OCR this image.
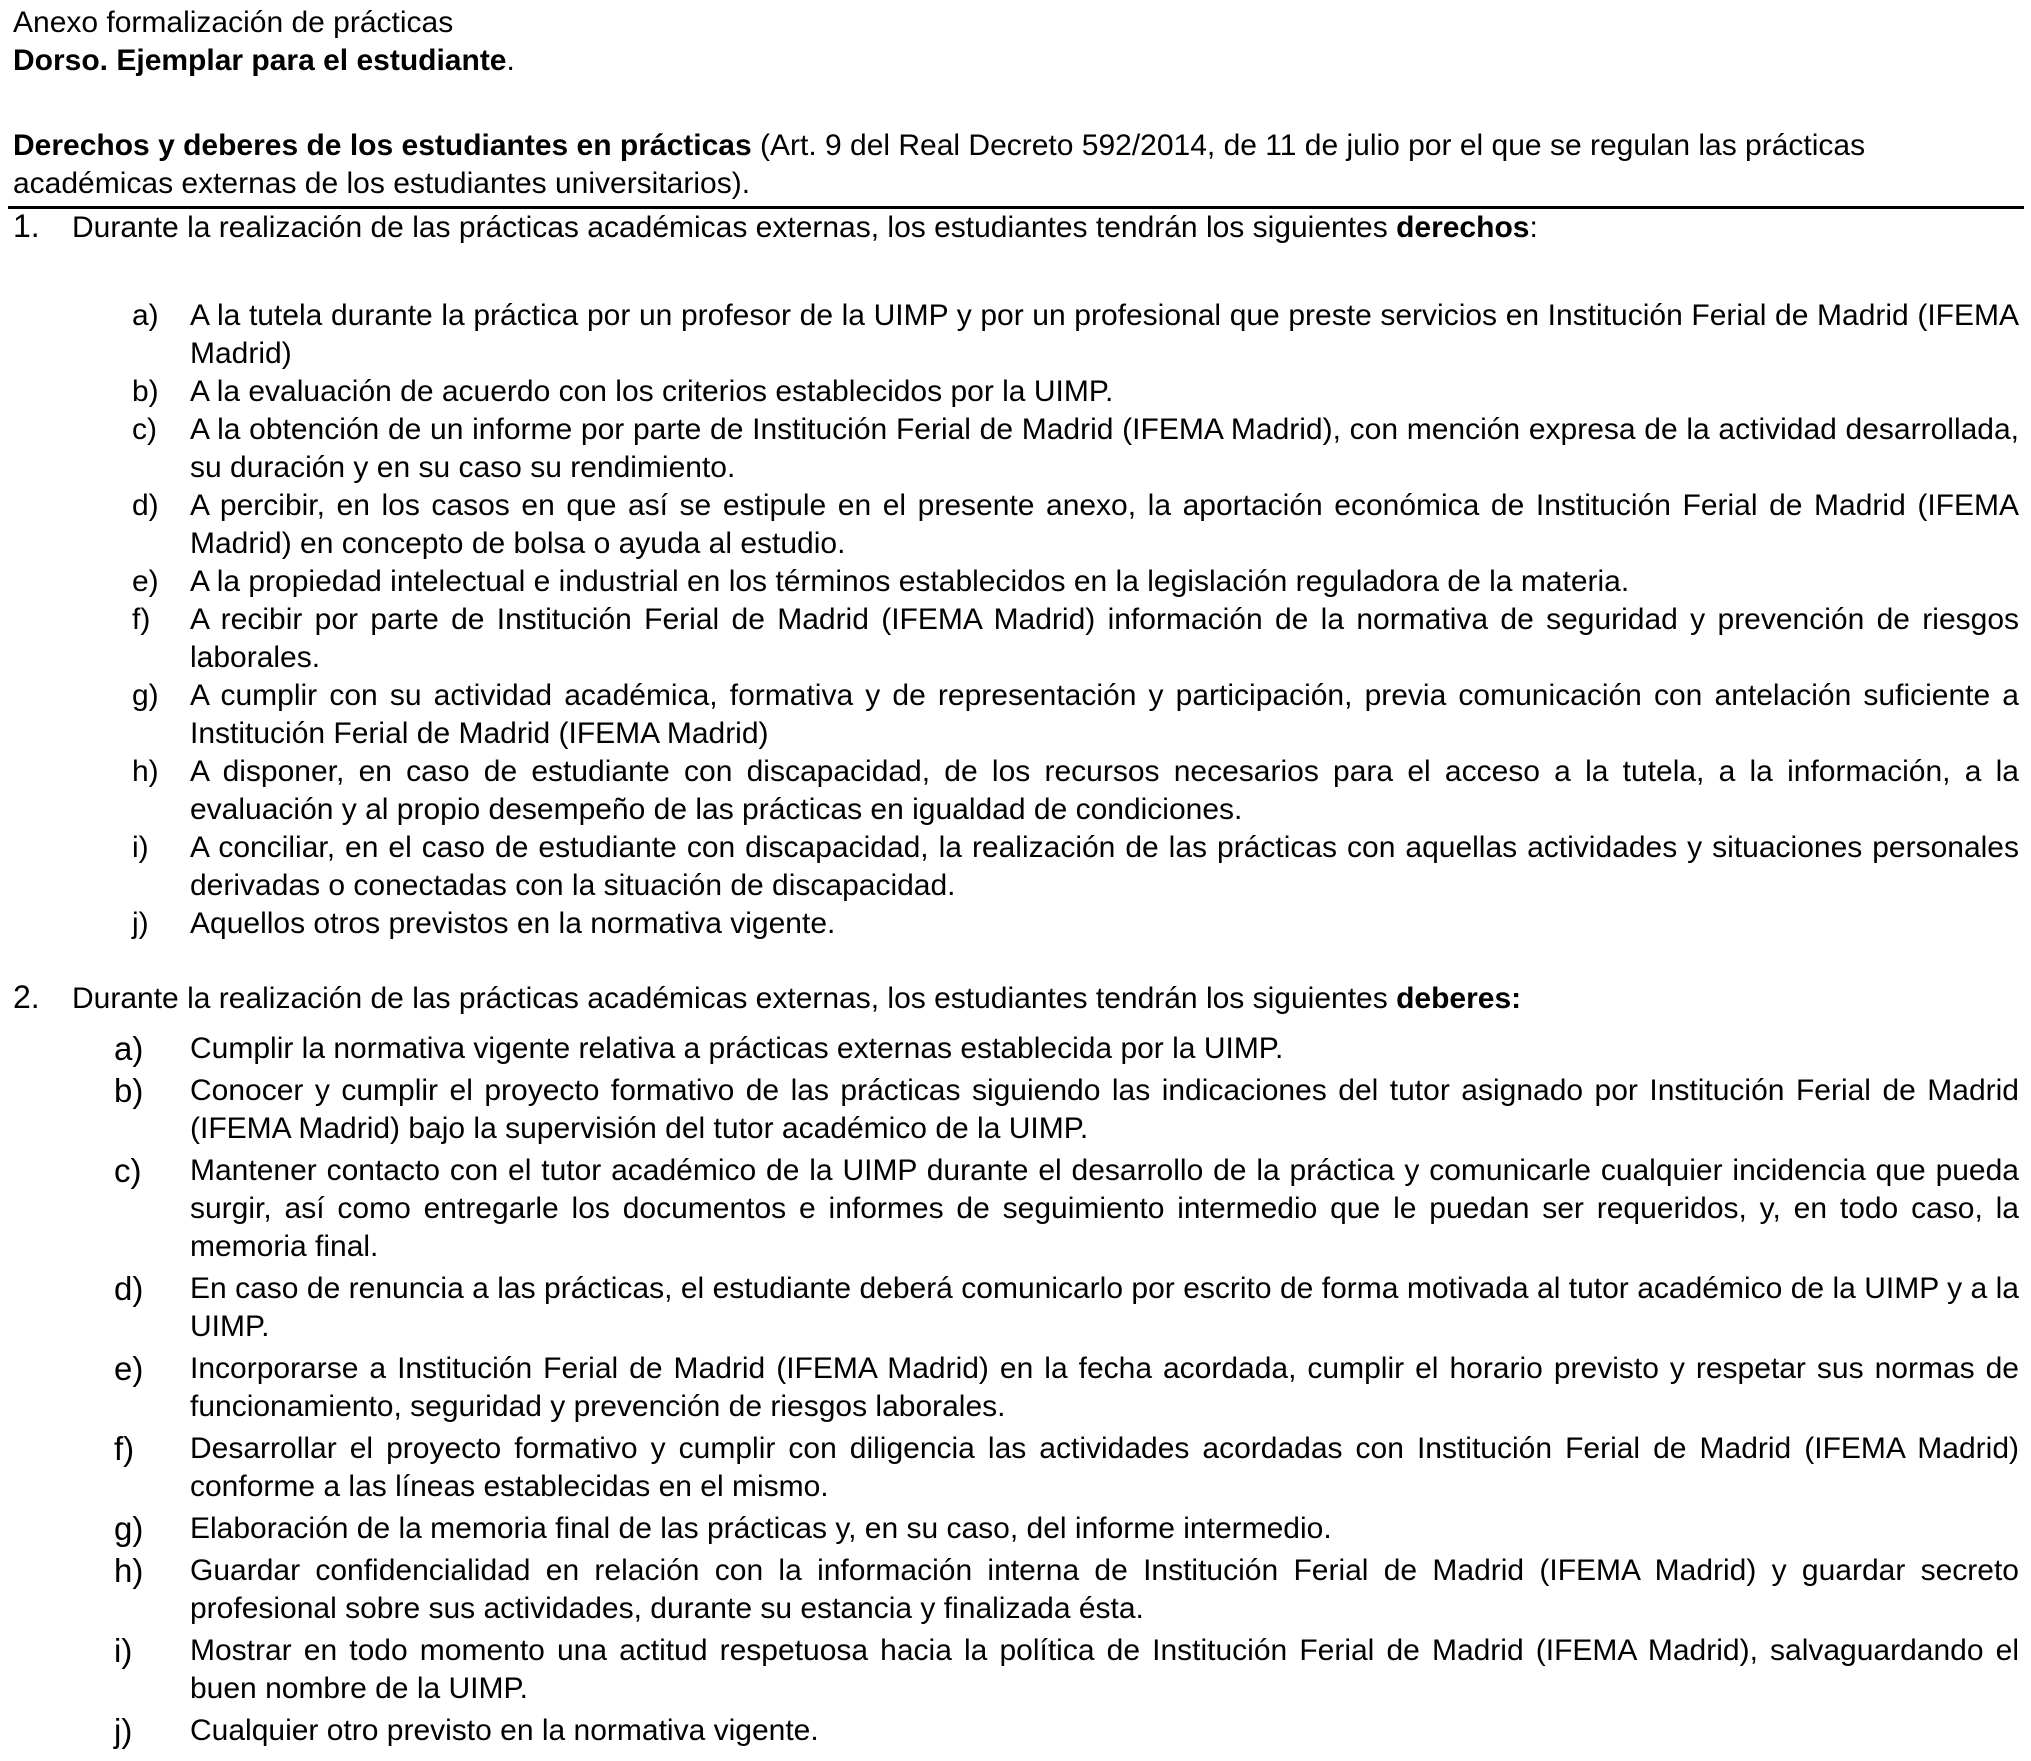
Anexo formalización de prácticas
Dorso. Ejemplar para el estudiante.
Derechos y deberes de los estudiantes en prácticas (Art. 9 del Real Decreto 592/2014, de 11 de julio por el que se regulan las prácticas académicas externas de los estudiantes universitarios).
1. Durante la realización de las prácticas académicas externas, los estudiantes tendrán los siguientes derechos:
a) A la tutela durante la práctica por un profesor de la UIMP y por un profesional que preste servicios en Institución Ferial de Madrid (IFEMA Madrid)
b) A la evaluación de acuerdo con los criterios establecidos por la UIMP.
c) A la obtención de un informe por parte de Institución Ferial de Madrid (IFEMA Madrid), con mención expresa de la actividad desarrollada, su duración y en su caso su rendimiento.
d) A percibir, en los casos en que así se estipule en el presente anexo, la aportación económica de Institución Ferial de Madrid (IFEMA Madrid) en concepto de bolsa o ayuda al estudio.
e) A la propiedad intelectual e industrial en los términos establecidos en la legislación reguladora de la materia.
f) A recibir por parte de Institución Ferial de Madrid (IFEMA Madrid) información de la normativa de seguridad y prevención de riesgos laborales.
g) A cumplir con su actividad académica, formativa y de representación y participación, previa comunicación con antelación suficiente a Institución Ferial de Madrid (IFEMA Madrid)
h) A disponer, en caso de estudiante con discapacidad, de los recursos necesarios para el acceso a la tutela, a la información, a la evaluación y al propio desempeño de las prácticas en igualdad de condiciones.
i) A conciliar, en el caso de estudiante con discapacidad, la realización de las prácticas con aquellas actividades y situaciones personales derivadas o conectadas con la situación de discapacidad.
j) Aquellos otros previstos en la normativa vigente.
2. Durante la realización de las prácticas académicas externas, los estudiantes tendrán los siguientes deberes:
a) Cumplir la normativa vigente relativa a prácticas externas establecida por la UIMP.
b) Conocer y cumplir el proyecto formativo de las prácticas siguiendo las indicaciones del tutor asignado por Institución Ferial de Madrid (IFEMA Madrid) bajo la supervisión del tutor académico de la UIMP.
c) Mantener contacto con el tutor académico de la UIMP durante el desarrollo de la práctica y comunicarle cualquier incidencia que pueda surgir, así como entregarle los documentos e informes de seguimiento intermedio que le puedan ser requeridos, y, en todo caso, la memoria final.
d) En caso de renuncia a las prácticas, el estudiante deberá comunicarlo por escrito de forma motivada al tutor académico de la UIMP y a la UIMP.
e) Incorporarse a Institución Ferial de Madrid (IFEMA Madrid) en la fecha acordada, cumplir el horario previsto y respetar sus normas de funcionamiento, seguridad y prevención de riesgos laborales.
f) Desarrollar el proyecto formativo y cumplir con diligencia las actividades acordadas con Institución Ferial de Madrid (IFEMA Madrid) conforme a las líneas establecidas en el mismo.
g) Elaboración de la memoria final de las prácticas y, en su caso, del informe intermedio.
h) Guardar confidencialidad en relación con la información interna de Institución Ferial de Madrid (IFEMA Madrid) y guardar secreto profesional sobre sus actividades, durante su estancia y finalizada ésta.
i) Mostrar en todo momento una actitud respetuosa hacia la política de Institución Ferial de Madrid (IFEMA Madrid), salvaguardando el buen nombre de la UIMP.
j) Cualquier otro previsto en la normativa vigente.
